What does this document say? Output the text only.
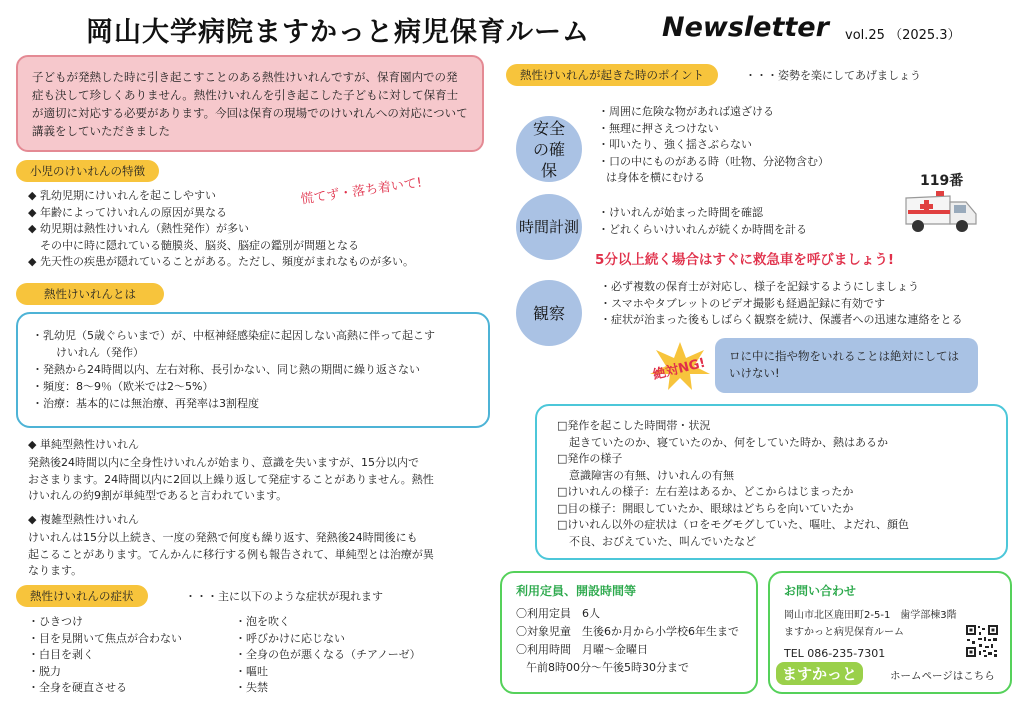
岡山大学病院ますかっと病児保育ルーム	Newsletter vol.25 （2025.3）
子どもが発熱した時に引き起こすことのある熱性けいれんですが、保育園内での発症も決して珍しくありません。熱性けいれんを引き起こした子どもに対して保育士が適切に対応する必要があります。今回は保育の現場でのけいれんへの対応について講義をしていただきました
小児のけいれんの特徴
◆ 乳幼児期にけいれんを起こしやすい
◆ 年齢によってけいれんの原因が異なる
◆ 幼児期は熱性けいれん（熱性発作）が多い
その中に時に隠れている髄膜炎、脳炎、脳症の鑑別が問題となる
◆ 先天性の疾患が隠れていることがある。ただし、頻度がまれなものが多い。
慌てず・落ち着いて!
熱性けいれんとは
・乳幼児（5歳ぐらいまで）が、中枢神経感染症に起因しない高熱に伴って起こす
けいれん（発作）
・発熱から24時間以内、左右対称、長引かない、同じ熱の期間に繰り返さない
・頻度：8～9％（欧米では2～5%）
・治療：基本的には無治療、再発率は3割程度
◆ 単純型熱性けいれん
発熱後24時間以内に全身性けいれんが始まり、意識を失いますが、15分以内で
おさまります。24時間以内に2回以上繰り返して発症することがありません。熱性
けいれんの約9割が単純型であると言われています。
◆ 複雑型熱性けいれん
けいれんは15分以上続き、一度の発熱で何度も繰り返す、発熱後24時間後にも
起こることがあります。てんかんに移行する例も報告されて、単純型とは治療が異
なります。
熱性けいれんの症状	・・・主に以下のような症状が現れます
・ひきつけ
・目を見開いて焦点が合わない
・白目を剥く
・脱力
・全身を硬直させる
・泡を吹く
・呼びかけに応じない
・全身の色が悪くなる（チアノーゼ）
・嘔吐
・失禁
熱性けいれんが起きた時のポイント	・・・姿勢を楽にしてあげましょう
安全の確保
・周囲に危険な物があれば遠ざける
・無理に押さえつけない
・叩いたり、強く揺さぶらない
・口の中にものがある時（吐物、分泌物含む）
は身体を横にむける
時間計測
・けいれんが始まった時間を確認
・どれくらいけいれんが続くか時間を計る
119番
5分以上続く場合はすぐに救急車を呼びましょう!
観察
・必ず複数の保育士が対応し、様子を記録するようにしましょう
・スマホやタブレットのビデオ撮影も経過記録に有効です
・症状が治まった後もしばらく観察を続け、保護者への迅速な連絡をとる
ロに中に指や物をいれることは絶対にしてはいけない!
絶対NG!
□発作を起こした時間帯・状況
起きていたのか、寝ていたのか、何をしていた時か、熱はあるか
□発作の様子
意識障害の有無、けいれんの有無
□けいれんの様子：左右差はあるか、どこからはじまったか
□目の様子：開眼していたか、眼球はどちらを向いていたか
□けいれん以外の症状は（ロをモグモグしていた、嘔吐、よだれ、顔色
不良、おびえていた、叫んでいたなど
利用定員、開設時間等
〇利用定員　6人
〇対象児童　生後6か月から小学校6年生まで
〇利用時間　月曜～金曜日
午前8時00分～午後5時30分まで
お問い合わせ
岡山市北区鹿田町2-5-1　歯学部棟3階
ますかっと病児保育ルーム
TEL 086-235-7301
ますかっと	ホームページはこちら
